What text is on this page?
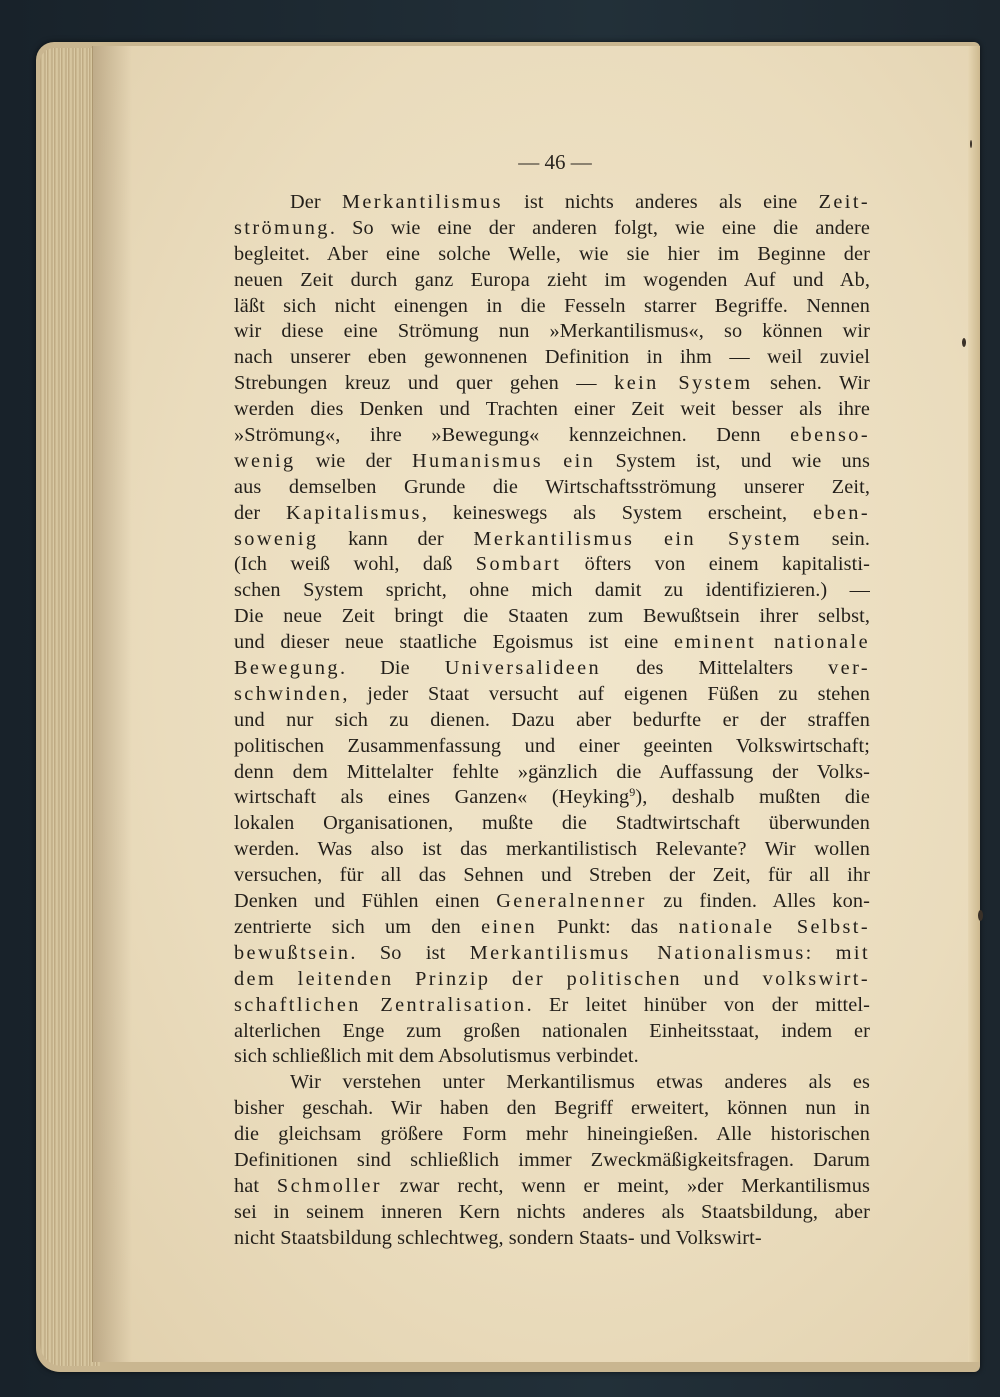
— 46 —
Der Merkantilismus ist nichts anderes als eine Zeit-
strömung. So wie eine der anderen folgt, wie eine die andere
begleitet. Aber eine solche Welle, wie sie hier im Beginne der
neuen Zeit durch ganz Europa zieht im wogenden Auf und Ab,
läßt sich nicht einengen in die Fesseln starrer Begriffe. Nennen
wir diese eine Strömung nun »Merkantilismus«, so können wir
nach unserer eben gewonnenen Definition in ihm — weil zuviel
Strebungen kreuz und quer gehen — kein System sehen. Wir
werden dies Denken und Trachten einer Zeit weit besser als ihre
»Strömung«, ihre »Bewegung« kennzeichnen. Denn ebenso-
wenig wie der Humanismus ein System ist, und wie uns
aus demselben Grunde die Wirtschaftsströmung unserer Zeit,
der Kapitalismus, keineswegs als System erscheint, eben-
sowenig kann der Merkantilismus ein System sein.
(Ich weiß wohl, daß Sombart öfters von einem kapitalisti-
schen System spricht, ohne mich damit zu identifizieren.) —
Die neue Zeit bringt die Staaten zum Bewußtsein ihrer selbst,
und dieser neue staatliche Egoismus ist eine eminent nationale
Bewegung. Die Universalideen des Mittelalters ver-
schwinden, jeder Staat versucht auf eigenen Füßen zu stehen
und nur sich zu dienen. Dazu aber bedurfte er der straffen
politischen Zusammenfassung und einer geeinten Volkswirtschaft;
denn dem Mittelalter fehlte »gänzlich die Auffassung der Volks-
wirtschaft als eines Ganzen« (Heyking$^9$), deshalb mußten die
lokalen Organisationen, mußte die Stadtwirtschaft überwunden
werden. Was also ist das merkantilistisch Relevante? Wir wollen
versuchen, für all das Sehnen und Streben der Zeit, für all ihr
Denken und Fühlen einen Generalnenner zu finden. Alles kon-
zentrierte sich um den einen Punkt: das nationale Selbst-
bewußtsein. So ist Merkantilismus Nationalismus: mit
dem leitenden Prinzip der politischen und volkswirt-
schaftlichen Zentralisation. Er leitet hinüber von der mittel-
alterlichen Enge zum großen nationalen Einheitsstaat, indem er
sich schließlich mit dem Absolutismus verbindet.
Wir verstehen unter Merkantilismus etwas anderes als es
bisher geschah. Wir haben den Begriff erweitert, können nun in
die gleichsam größere Form mehr hineingießen. Alle historischen
Definitionen sind schließlich immer Zweckmäßigkeitsfragen. Darum
hat Schmoller zwar recht, wenn er meint, »der Merkantilismus
sei in seinem inneren Kern nichts anderes als Staatsbildung, aber
nicht Staatsbildung schlechtweg, sondern Staats- und Volkswirt-
